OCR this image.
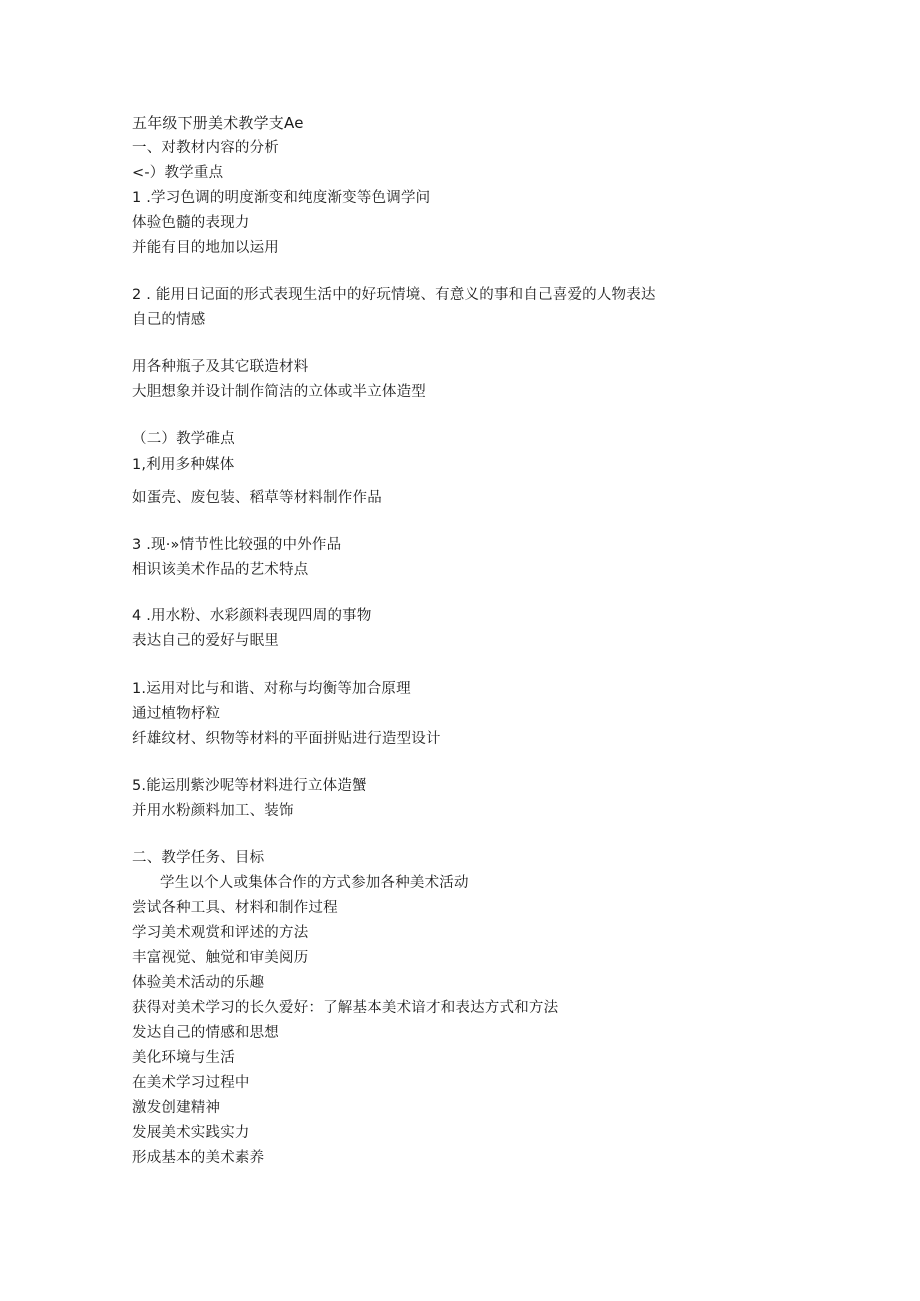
五年级下册美术教学支Ae
一、对教材内容的分析
<-）教学重点
1 .学习色调的明度渐变和纯度渐变等色调学问
体验色髓的表现力
并能有目的地加以运用
2 . 能用日记面的形式表现生活中的好玩情境、有意义的事和自己喜爱的人物表达
自己的情感
用各种瓶子及其它联造材料
大胆想象并设计制作简洁的立体或半立体造型
（二）教学碓点
1,利用多种媒体
如蛋壳、废包装、稻草等材料制作作品
3 .现·»情节性比较强的中外作品
相识该美术作品的艺术特点
4 .用水粉、水彩颜料表现四周的事物
表达自己的爱好与眠里
1.运用对比与和谐、对称与均衡等加合原理
通过植物杼粒
纤雄纹材、织物等材料的平面拼贴进行造型设计
5.能运刖紫沙呢等材料进行立体造蟹
并用水粉颜料加工、装饰
二、教学任务、目标
学生以个人或集体合作的方式参加各种美术活动
尝试各种工具、材料和制作过程
学习美术观赏和评述的方法
丰富视觉、触觉和审美阅历
体验美术活动的乐趣
获得对美术学习的长久爱好：了解基本美术谙才和表达方式和方法
发达自己的情感和思想
美化环境与生活
在美术学习过程中
激发创建精神
发展美术实践实力
形成基本的美术素养
